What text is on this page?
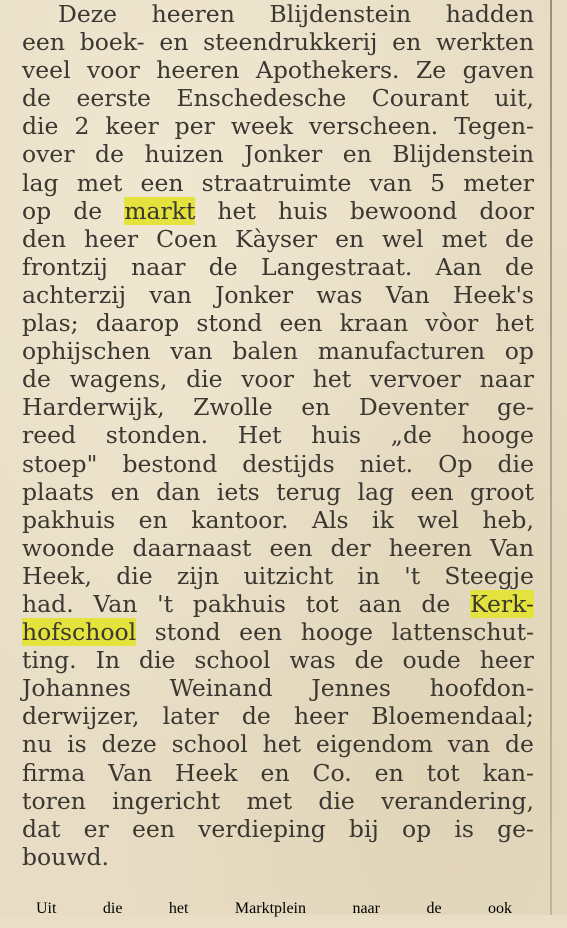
Deze heeren Blijdenstein hadden
een boek- en steendrukkerij en werkten
veel voor heeren Apothekers. Ze gaven
de eerste Enschedesche Courant uit,
die 2 keer per week verscheen. Tegen-
over de huizen Jonker en Blijdenstein
lag met een straatruimte van 5 meter
op de markt het huis bewoond door
den heer Coen Kàyser en wel met de
frontzij naar de Langestraat. Aan de
achterzij van Jonker was Van Heek's
plas; daarop stond een kraan vòor het
ophijschen van balen manufacturen op
de wagens, die voor het vervoer naar
Harderwijk, Zwolle en Deventer ge-
reed stonden. Het huis „de hooge
stoep" bestond destijds niet. Op die
plaats en dan iets terug lag een groot
pakhuis en kantoor. Als ik wel heb,
woonde daarnaast een der heeren Van
Heek, die zijn uitzicht in 't Steegje
had. Van 't pakhuis tot aan de Kerk-
hofschool stond een hooge lattenschut-
ting. In die school was de oude heer
Johannes Weinand Jennes hoofdon-
derwijzer, later de heer Bloemendaal;
nu is deze school het eigendom van de
firma Van Heek en Co. en tot kan-
toren ingericht met die verandering,
dat er een verdieping bij op is ge-
bouwd.
Uit	die	het	Marktplein	naar	de	ook
